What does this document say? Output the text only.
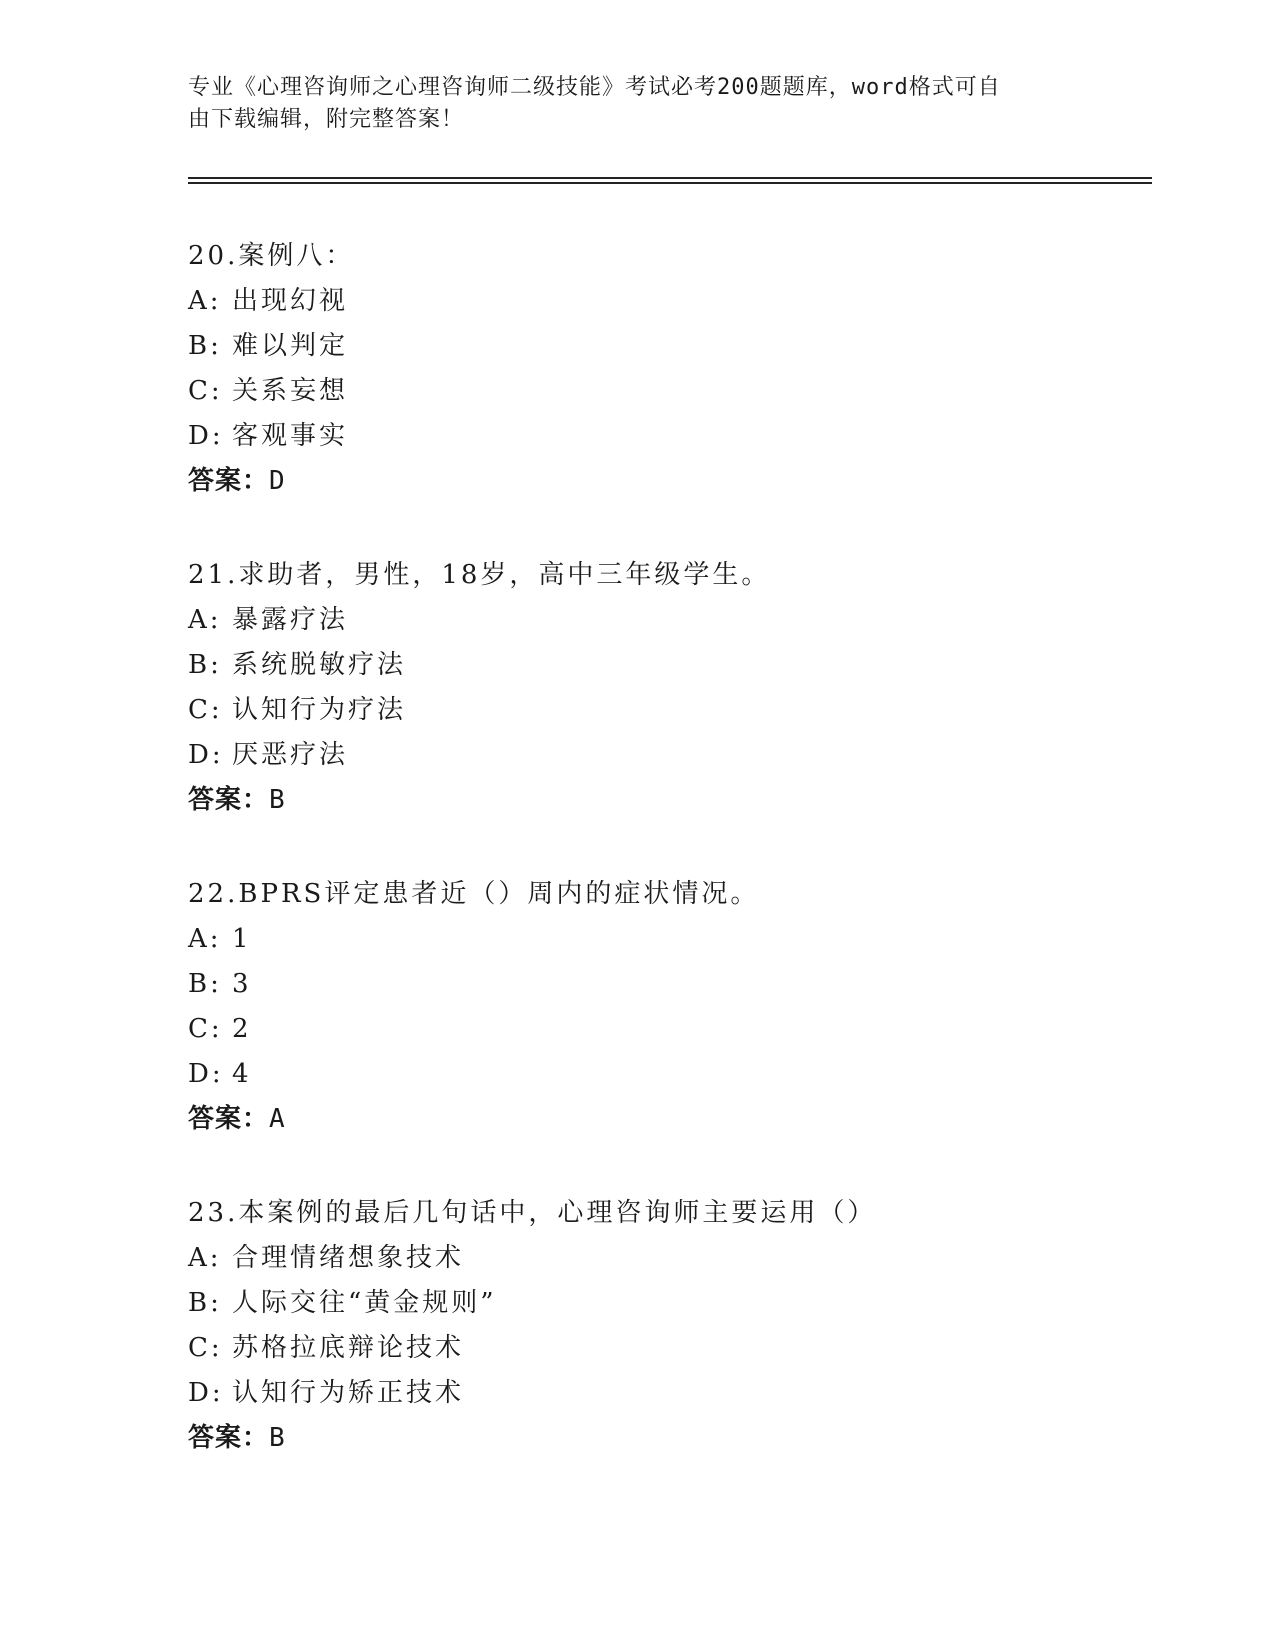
专业《心理咨询师之心理咨询师二级技能》考试必考200题题库，word格式可自
由下载编辑，附完整答案！
20.案例八：
A: 出现幻视
B: 难以判定
C: 关系妄想
D: 客观事实
答案：D
21.求助者，男性，18岁，高中三年级学生。
A: 暴露疗法
B: 系统脱敏疗法
C: 认知行为疗法
D: 厌恶疗法
答案：B
22.BPRS评定患者近（）周内的症状情况。
A: 1
B: 3
C: 2
D: 4
答案：A
23.本案例的最后几句话中，心理咨询师主要运用（）
A: 合理情绪想象技术
B: 人际交往“黄金规则”
C: 苏格拉底辩论技术
D: 认知行为矫正技术
答案：B
